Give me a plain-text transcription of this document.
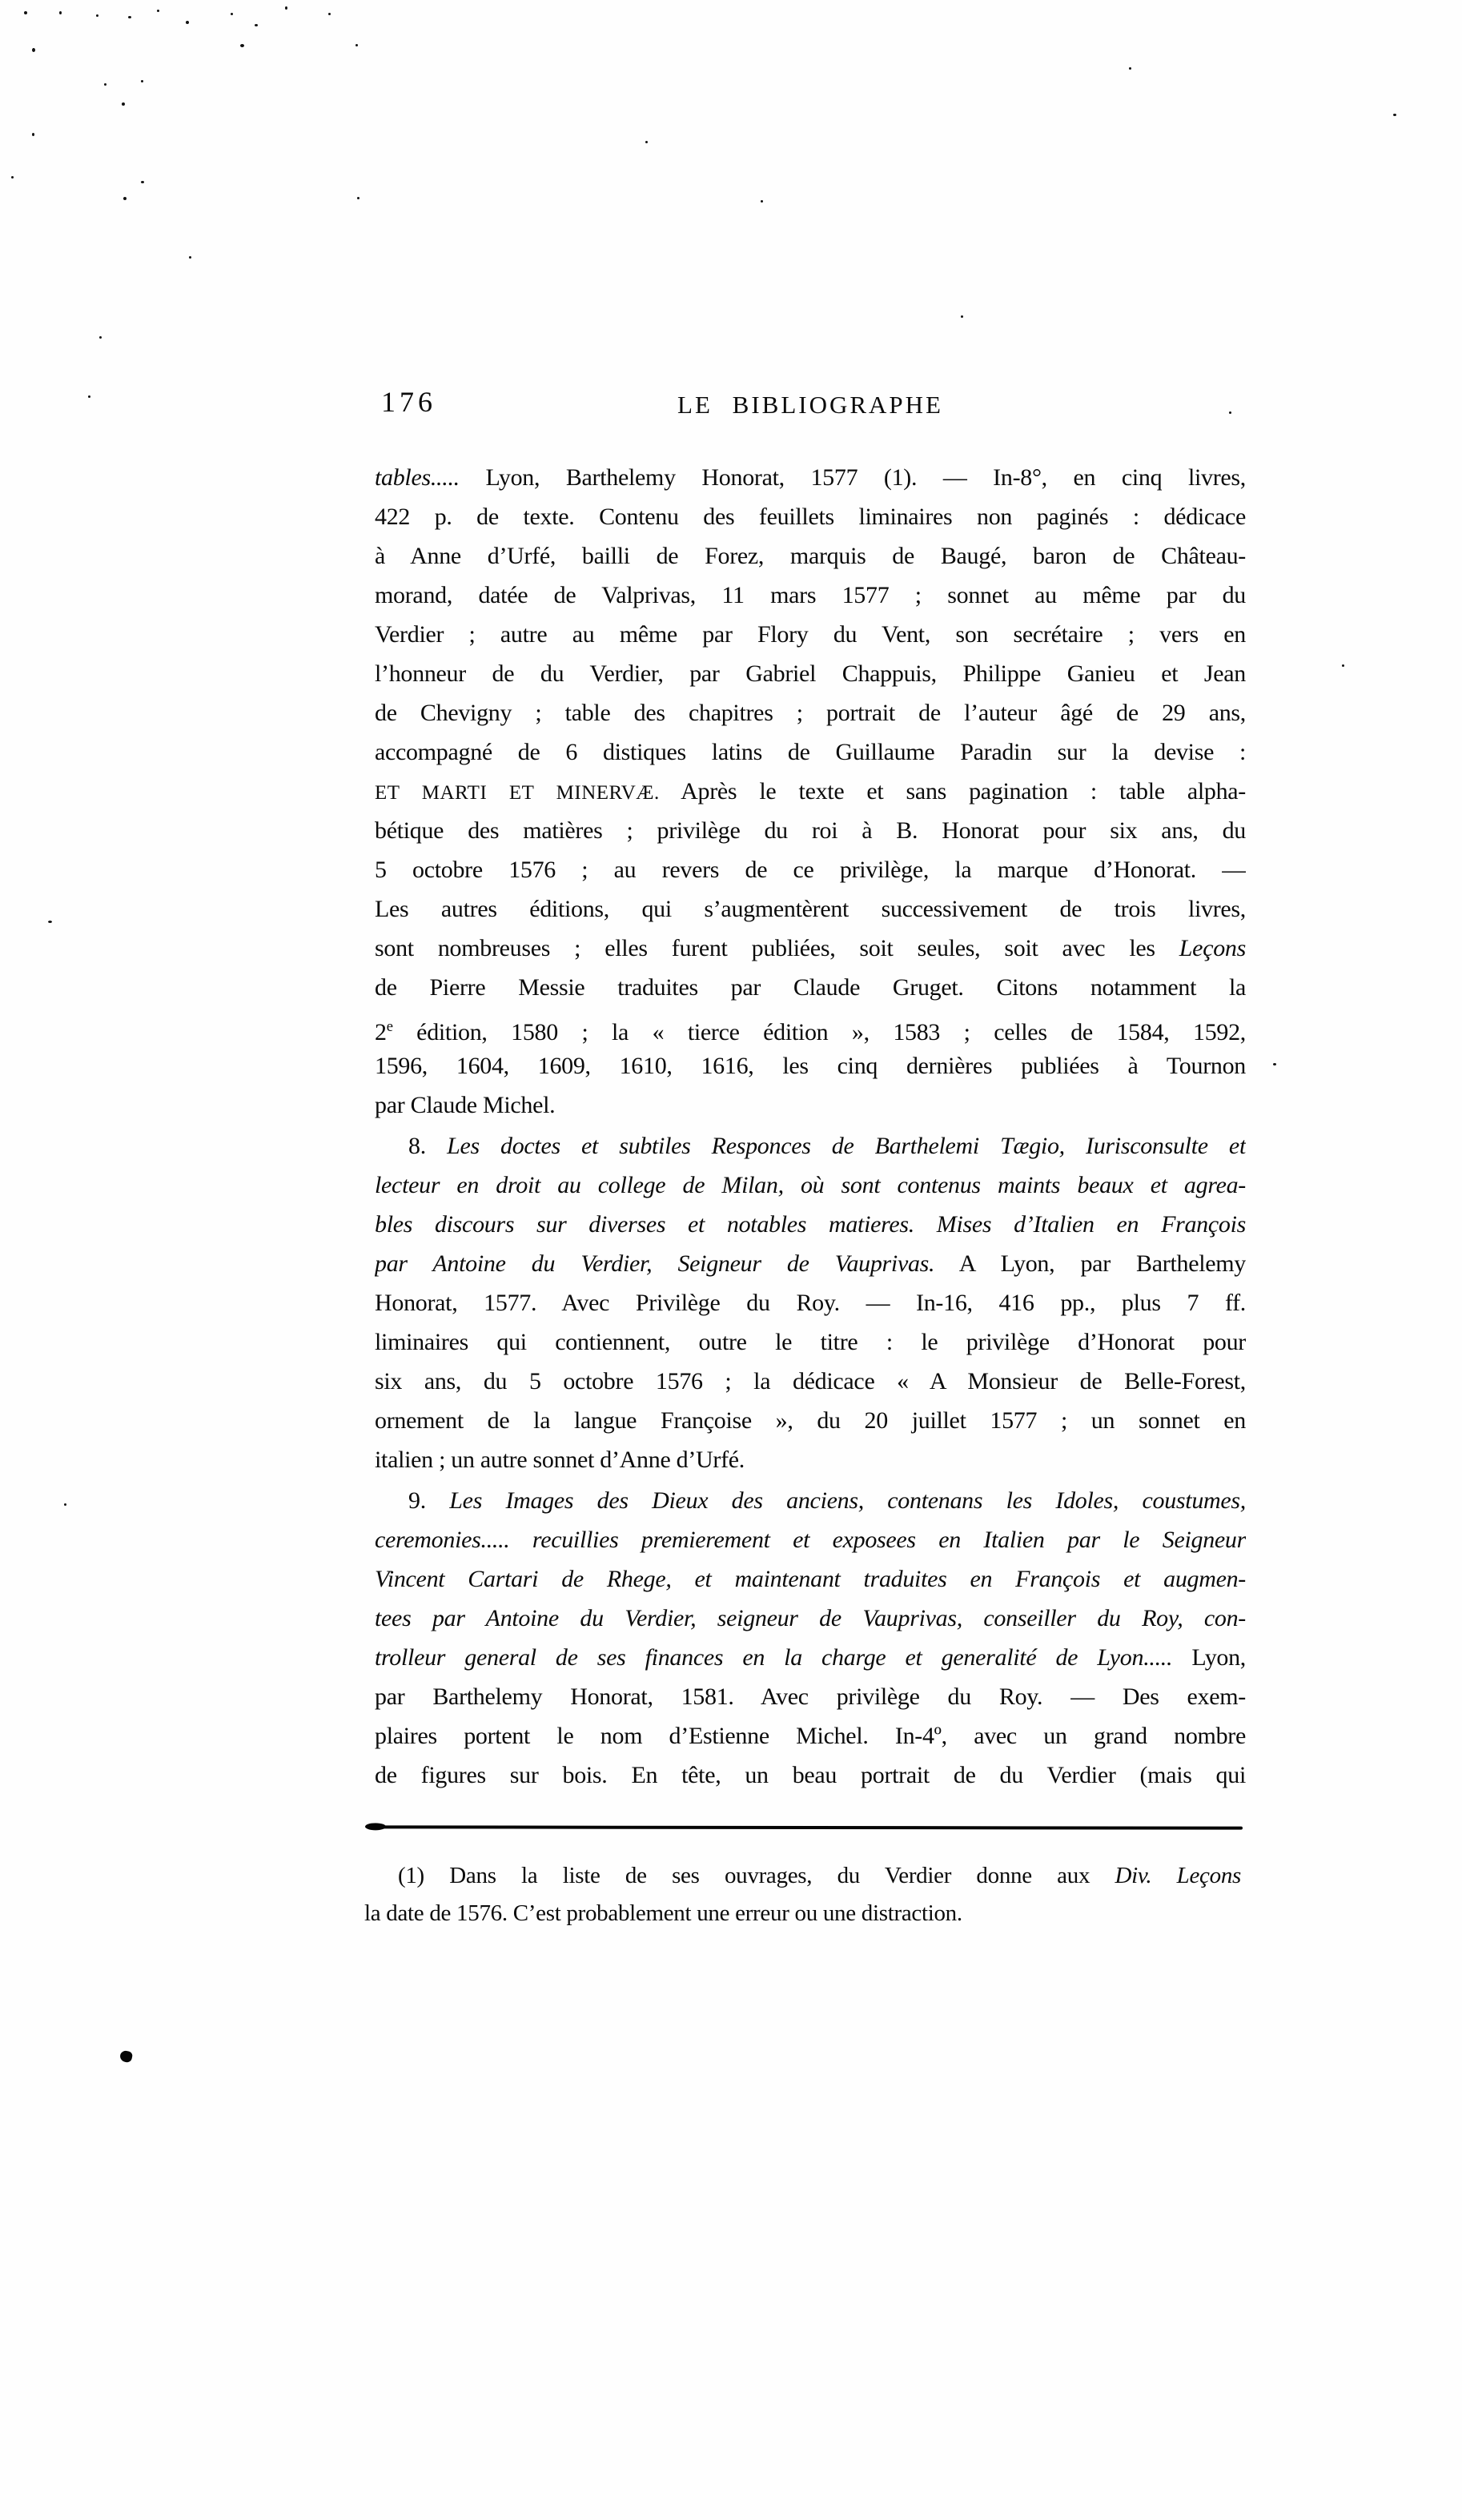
176	LE BIBLIOGRAPHE
tables..... Lyon, Barthelemy Honorat, 1577 (1). — In-8°, en cinq livres,
422 p. de texte. Contenu des feuillets liminaires non paginés : dédicace
à Anne d’Urfé, bailli de Forez, marquis de Baugé, baron de Château-
morand, datée de Valprivas, 11 mars 1577 ; sonnet au même par du
Verdier ; autre au même par Flory du Vent, son secrétaire ; vers en
l’honneur de du Verdier, par Gabriel Chappuis, Philippe Ganieu et Jean
de Chevigny ; table des chapitres ; portrait de l’auteur âgé de 29 ans,
accompagné de 6 distiques latins de Guillaume Paradin sur la devise :
ET MARTI ET MINERVÆ. Après le texte et sans pagination : table alpha-
bétique des matières ; privilège du roi à B. Honorat pour six ans, du
5 octobre 1576 ; au revers de ce privilège, la marque d’Honorat. —
Les autres éditions, qui s’augmentèrent successivement de trois livres,
sont nombreuses ; elles furent publiées, soit seules, soit avec les Leçons
de Pierre Messie traduites par Claude Gruget. Citons notamment la
2e édition, 1580 ; la « tierce édition », 1583 ; celles de 1584, 1592,
1596, 1604, 1609, 1610, 1616, les cinq dernières publiées à Tournon
par Claude Michel.
8. Les doctes et subtiles Responces de Barthelemi Tægio, Iurisconsulte et
lecteur en droit au college de Milan, où sont contenus maints beaux et agrea-
bles discours sur diverses et notables matieres. Mises d’Italien en François
par Antoine du Verdier, Seigneur de Vauprivas. A Lyon, par Barthelemy
Honorat, 1577. Avec Privilège du Roy. — In-16, 416 pp., plus 7 ff.
liminaires qui contiennent, outre le titre : le privilège d’Honorat pour
six ans, du 5 octobre 1576 ; la dédicace « A Monsieur de Belle-Forest,
ornement de la langue Françoise », du 20 juillet 1577 ; un sonnet en
italien ; un autre sonnet d’Anne d’Urfé.
9. Les Images des Dieux des anciens, contenans les Idoles, coustumes,
ceremonies..... recuillies premierement et exposees en Italien par le Seigneur
Vincent Cartari de Rhege, et maintenant traduites en François et augmen-
tees par Antoine du Verdier, seigneur de Vauprivas, conseiller du Roy, con-
trolleur general de ses finances en la charge et generalité de Lyon..... Lyon,
par Barthelemy Honorat, 1581. Avec privilège du Roy. — Des exem-
plaires portent le nom d’Estienne Michel. In-4º, avec un grand nombre
de figures sur bois. En tête, un beau portrait de du Verdier (mais qui
(1) Dans la liste de ses ouvrages, du Verdier donne aux Div. Leçons
la date de 1576. C’est probablement une erreur ou une distraction.
